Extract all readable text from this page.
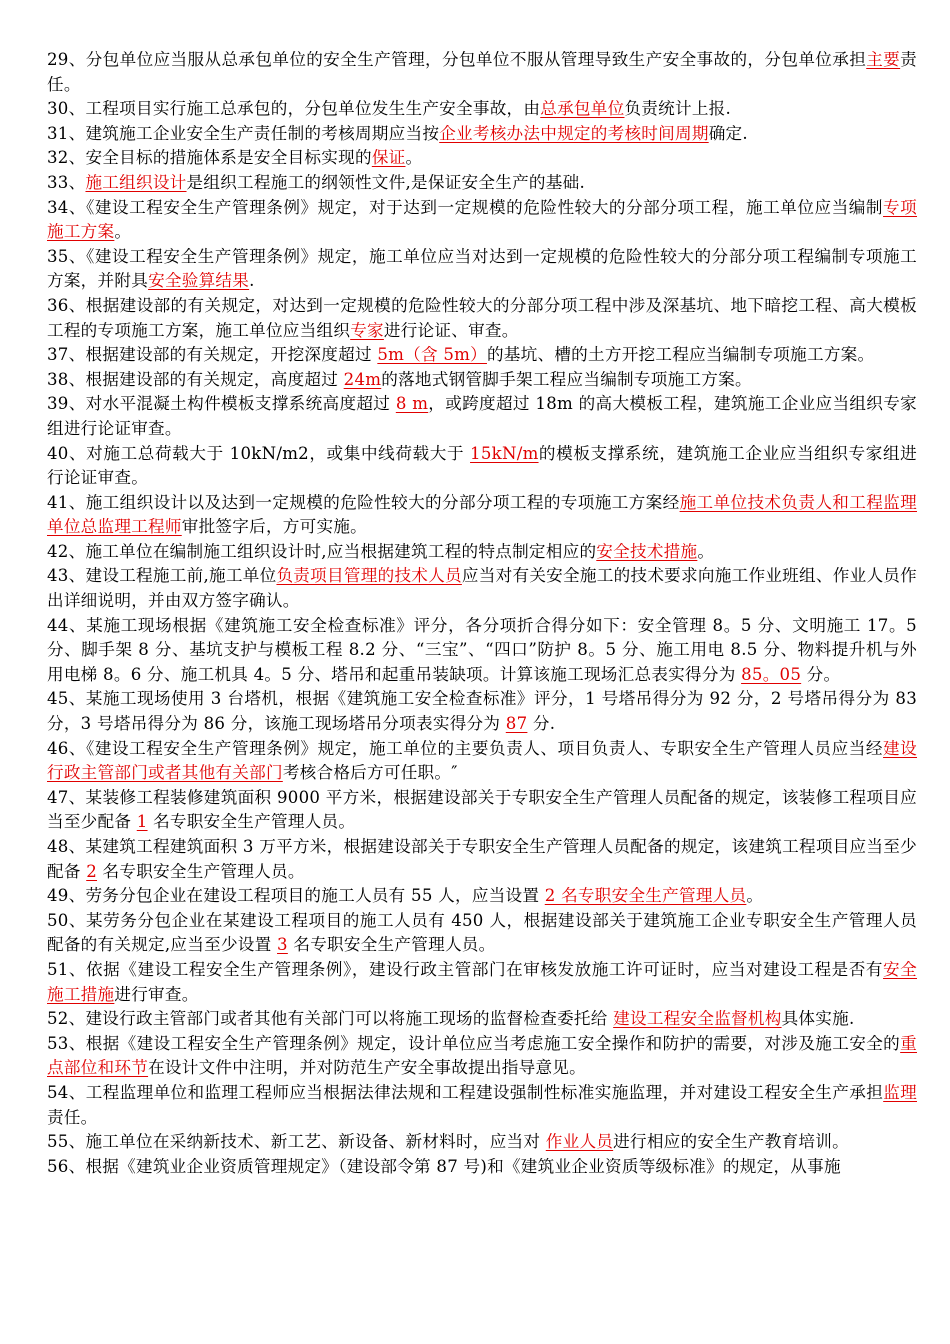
29、分包单位应当服从总承包单位的安全生产管理，分包单位不服从管理导致生产安全事故的，分包单位承担主要责任。

30、工程项目实行施工总承包的，分包单位发生生产安全事故，由总承包单位负责统计上报.

31、建筑施工企业安全生产责任制的考核周期应当按企业考核办法中规定的考核时间周期确定.

32、安全目标的措施体系是安全目标实现的保证。

33、施工组织设计是组织工程施工的纲领性文件,是保证安全生产的基础.

34、《建设工程安全生产管理条例》规定，对于达到一定规模的危险性较大的分部分项工程，施工单位应当编制专项施工方案。

35、《建设工程安全生产管理条例》规定，施工单位应当对达到一定规模的危险性较大的分部分项工程编制专项施工方案，并附具安全验算结果.

36、根据建设部的有关规定，对达到一定规模的危险性较大的分部分项工程中涉及深基坑、地下暗挖工程、高大模板工程的专项施工方案，施工单位应当组织专家进行论证、审查。

37、根据建设部的有关规定，开挖深度超过 5m（含 5m）的基坑、槽的土方开挖工程应当编制专项施工方案。

38、根据建设部的有关规定，高度超过 24m的落地式钢管脚手架工程应当编制专项施工方案。

39、对水平混凝土构件模板支撑系统高度超过 8 m，或跨度超过 18m 的高大模板工程，建筑施工企业应当组织专家组进行论证审查。

40、对施工总荷载大于 10kN/m2，或集中线荷载大于 15kN/m的模板支撑系统，建筑施工企业应当组织专家组进行论证审查。

41、施工组织设计以及达到一定规模的危险性较大的分部分项工程的专项施工方案经施工单位技术负责人和工程监理单位总监理工程师审批签字后，方可实施。

42、施工单位在编制施工组织设计时,应当根据建筑工程的特点制定相应的安全技术措施。

43、建设工程施工前,施工单位负责项目管理的技术人员应当对有关安全施工的技术要求向施工作业班组、作业人员作出详细说明，并由双方签字确认。

44、某施工现场根据《建筑施工安全检查标准》评分，各分项折合得分如下：安全管理 8。5 分、文明施工 17。5 分、脚手架 8 分、基坑支护与模板工程 8.2 分、“三宝”、“四口”防护 8。5 分、施工用电 8.5 分、物料提升机与外用电梯 8。6 分、施工机具 4。5 分、塔吊和起重吊装缺项。计算该施工现场汇总表实得分为 85。05 分。

45、某施工现场使用 3 台塔机，根据《建筑施工安全检查标准》评分，1 号塔吊得分为 92 分，2 号塔吊得分为 83 分，3 号塔吊得分为 86 分，该施工现场塔吊分项表实得分为 87 分.

46、《建设工程安全生产管理条例》规定，施工单位的主要负责人、项目负责人、专职安全生产管理人员应当经建设行政主管部门或者其他有关部门考核合格后方可任职。″

47、某装修工程装修建筑面积 9000 平方米，根据建设部关于专职安全生产管理人员配备的规定，该装修工程项目应当至少配备 1 名专职安全生产管理人员。

48、某建筑工程建筑面积 3 万平方米，根据建设部关于专职安全生产管理人员配备的规定，该建筑工程项目应当至少配备 2 名专职安全生产管理人员。

49、劳务分包企业在建设工程项目的施工人员有 55 人，应当设置 2 名专职安全生产管理人员。

50、某劳务分包企业在某建设工程项目的施工人员有 450 人，根据建设部关于建筑施工企业专职安全生产管理人员配备的有关规定,应当至少设置 3 名专职安全生产管理人员。

51、依据《建设工程安全生产管理条例》，建设行政主管部门在审核发放施工许可证时，应当对建设工程是否有安全施工措施进行审查。

52、建设行政主管部门或者其他有关部门可以将施工现场的监督检查委托给 建设工程安全监督机构具体实施.

53、根据《建设工程安全生产管理条例》规定，设计单位应当考虑施工安全操作和防护的需要，对涉及施工安全的重点部位和环节在设计文件中注明，并对防范生产安全事故提出指导意见。

54、工程监理单位和监理工程师应当根据法律法规和工程建设强制性标准实施监理，并对建设工程安全生产承担监理责任。

55、施工单位在采纳新技术、新工艺、新设备、新材料时，应当对 作业人员进行相应的安全生产教育培训。

56、根据《建筑业企业资质管理规定》（建设部令第 87 号)和《建筑业企业资质等级标准》的规定，从事施
